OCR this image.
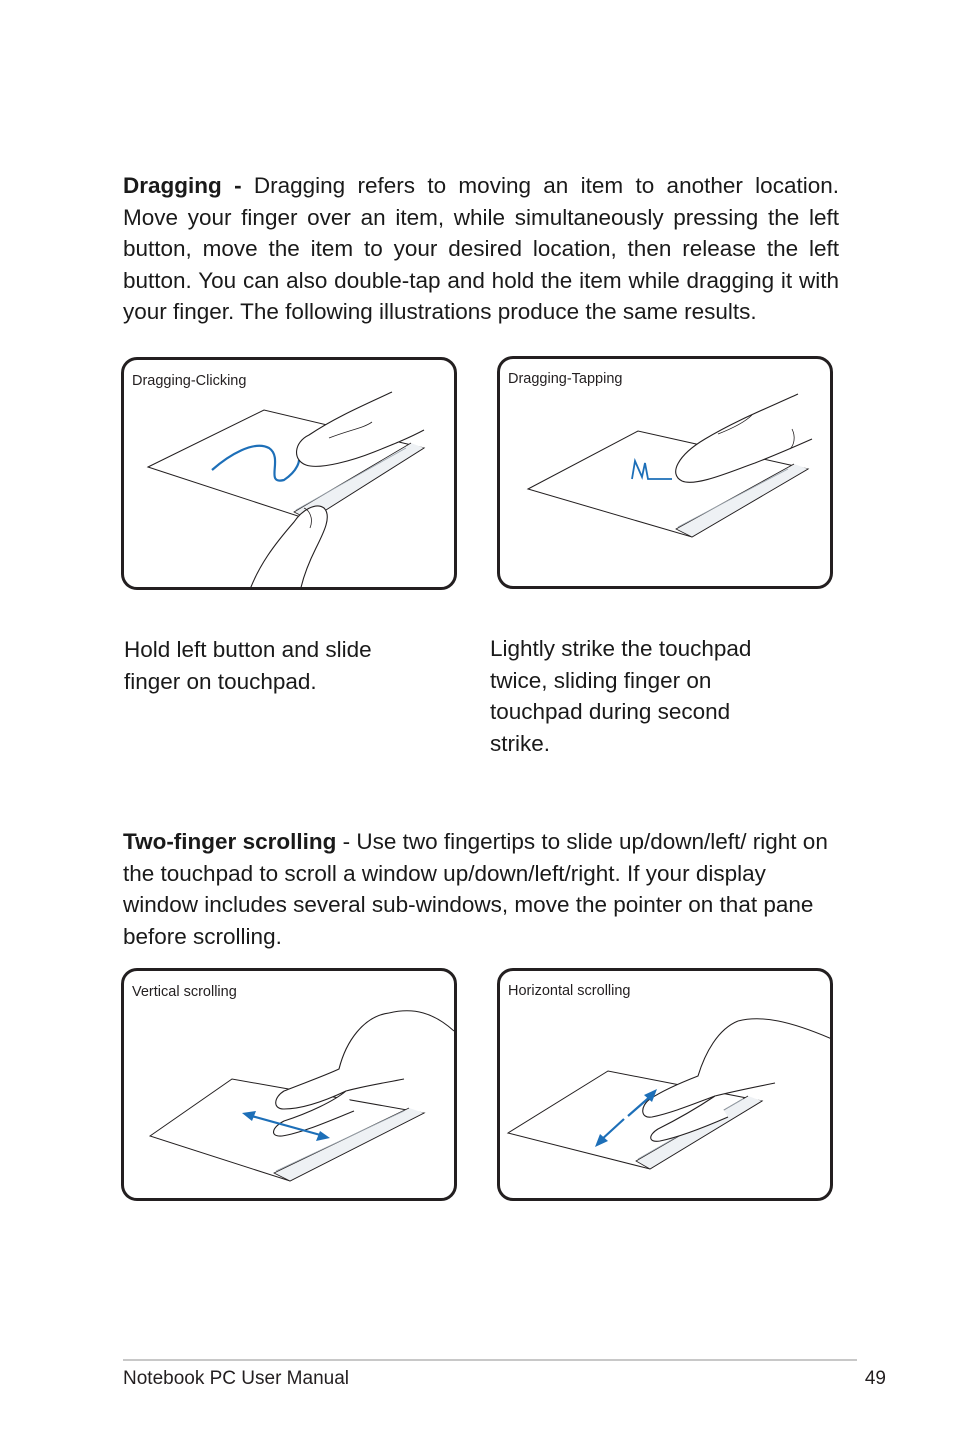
Dragging - Dragging refers to moving an item to another location. Move your finger over an item, while simultaneously pressing the left button, move the item to your desired location, then release the left button. You can also double-tap and hold the item while dragging it with your finger. The following illustrations produce the same results.

Dragging-Clicking	Dragging-Tapping

Hold left button and slide finger on touchpad.

Lightly strike the touchpad twice, sliding finger on touchpad during second strike.

Two-finger scrolling - Use two fingertips to slide up/down/left/ right on the touchpad to scroll a window up/down/left/right. If your display window includes several sub-windows, move the pointer on that pane before scrolling.

Vertical scrolling	Horizontal scrolling
Notebook PC User Manual	49
